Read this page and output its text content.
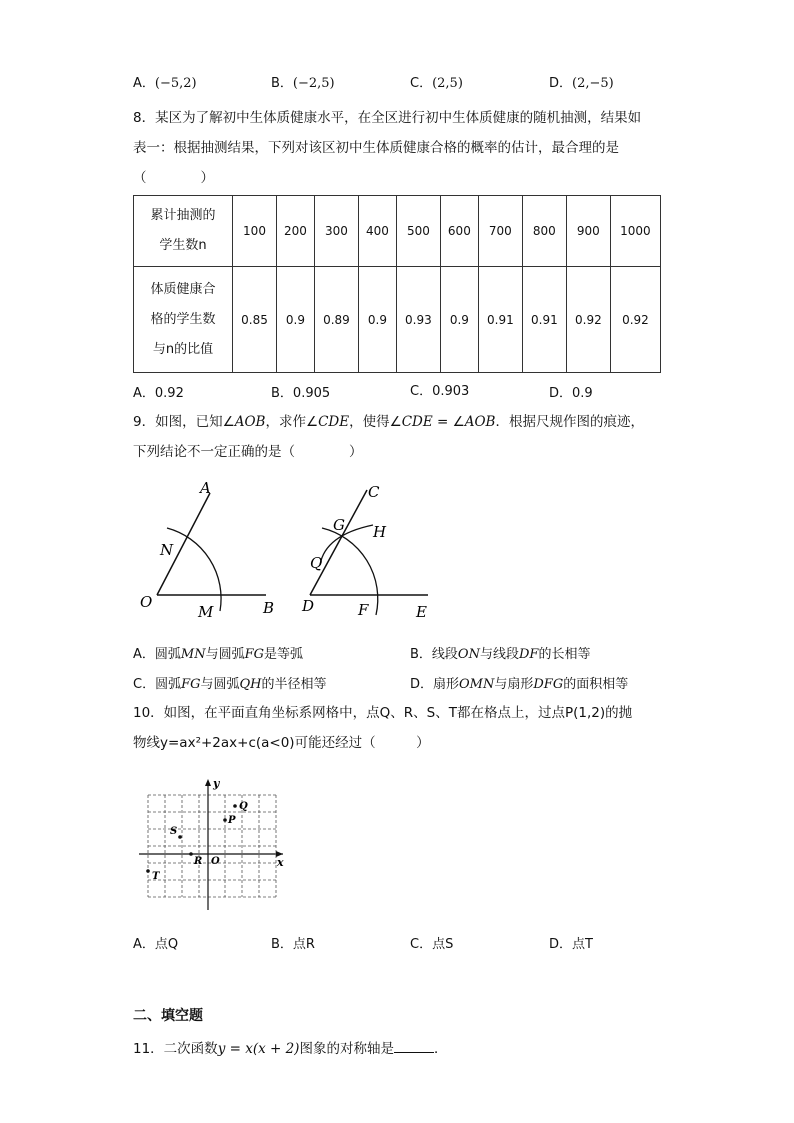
A．(−5,2)	B．(−2,5)	C．(2,5)	D．(2,−5)
8．某区为了解初中生体质健康水平，在全区进行初中生体质健康的随机抽测，结果如
表一：根据抽测结果，下列对该区初中生体质健康合格的概率的估计，最合理的是
（　　　　）
累计抽测的
学生数n	100	200	300	400	500	600	700	800	900	1000

体质健康合
格的学生数
与n的比值	0.85	0.9	0.89	0.9	0.93	0.9	0.91	0.91	0.92	0.92
A．0.92	B．0.905	C．0.903	D．0.9
9．如图，已知∠AOB，求作∠CDE，使得∠CDE = ∠AOB．根据尺规作图的痕迹，
下列结论不一定正确的是（　　　　）
A
N
O
M	B
C
G H
Q
D	F	E
A．圆弧MN与圆弧FG是等弧	B．线段ON与线段DF的长相等
C．圆弧FG与圆弧QH的半径相等	D．扇形OMN与扇形DFG的面积相等
10．如图，在平面直角坐标系网格中，点Q、R、S、T都在格点上，过点P(1,2)的抛
物线y=ax²+2ax+c(a<0)可能还经过（　　　）
y
x
O
P
Q
R
S
T
A．点Q	B．点R	C．点S	D．点T
二、填空题
11．二次函数y = x(x + 2)图象的对称轴是	．
